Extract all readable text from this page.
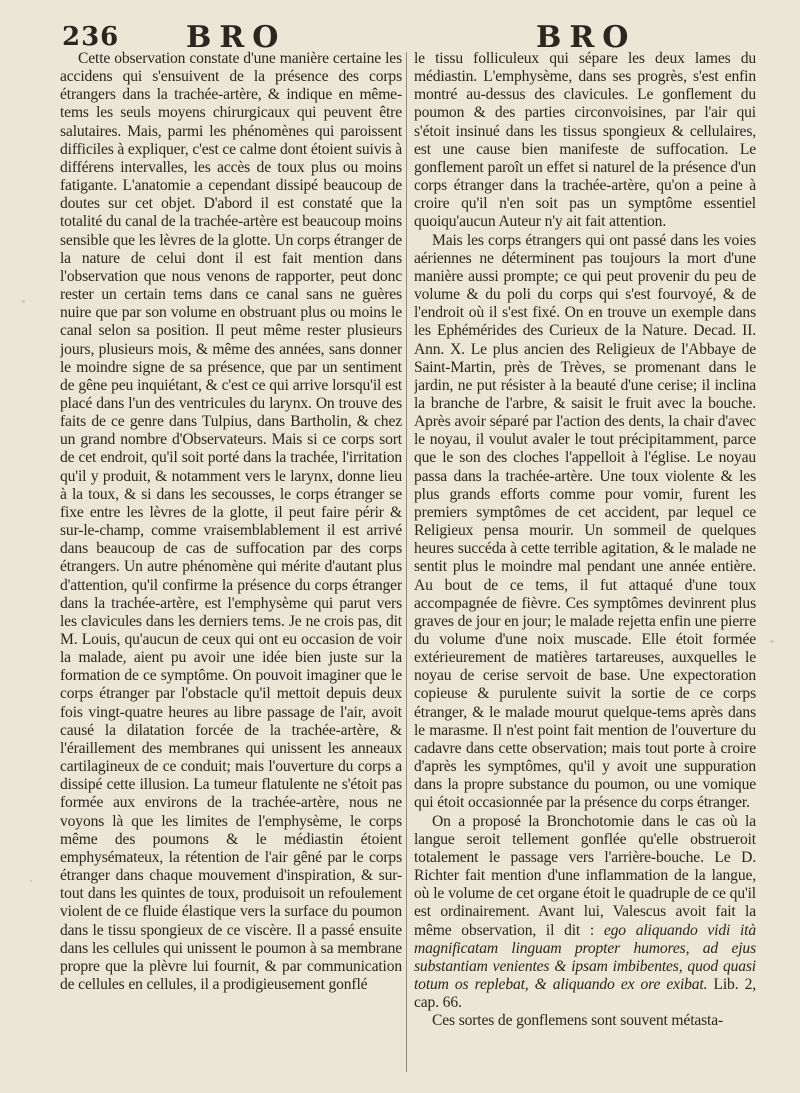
236 BRO	BRO

Cette observation constate d'une manière certaine les accidens qui s'ensuivent de la présence des corps étrangers dans la trachée-artère, & indique en même-tems les seuls moyens chirurgicaux qui peuvent être salutaires. Mais, parmi les phénomènes qui paroissent difficiles à expliquer, c'est ce calme dont étoient suivis à différens intervalles, les accès de toux plus ou moins fatigante. L'anatomie a cependant dissipé beaucoup de doutes sur cet objet. D'abord il est constaté que la totalité du canal de la trachée-artère est beaucoup moins sensible que les lèvres de la glotte. Un corps étranger de la nature de celui dont il est fait mention dans l'observation que nous venons de rapporter, peut donc rester un certain tems dans ce canal sans ne guères nuire que par son volume en obstruant plus ou moins le canal selon sa position. Il peut même rester plusieurs jours, plusieurs mois, & même des années, sans donner le moindre signe de sa présence, que par un sentiment de gêne peu inquiétant, & c'est ce qui arrive lorsqu'il est placé dans l'un des ventricules du larynx. On trouve des faits de ce genre dans Tulpius, dans Bartholin, & chez un grand nombre d'Observateurs. Mais si ce corps sort de cet endroit, qu'il soit porté dans la trachée, l'irritation qu'il y produit, & notamment vers le larynx, donne lieu à la toux, & si dans les secousses, le corps étranger se fixe entre les lèvres de la glotte, il peut faire périr & sur-le-champ, comme vraisemblablement il est arrivé dans beaucoup de cas de suffocation par des corps étrangers. Un autre phénomène qui mérite d'autant plus d'attention, qu'il confirme la présence du corps étranger dans la trachée-artère, est l'emphysème qui parut vers les clavicules dans les derniers tems. Je ne crois pas, dit M. Louis, qu'aucun de ceux qui ont eu occasion de voir la malade, aient pu avoir une idée bien juste sur la formation de ce symptôme. On pouvoit imaginer que le corps étranger par l'obstacle qu'il mettoit depuis deux fois vingt-quatre heures au libre passage de l'air, avoit causé la dilatation forcée de la trachée-artère, & l'éraillement des membranes qui unissent les anneaux cartilagineux de ce conduit; mais l'ouverture du corps a dissipé cette illusion. La tumeur flatulente ne s'étoit pas formée aux environs de la trachée-artère, nous ne voyons là que les limites de l'emphysème, le corps même des poumons & le médiastin étoient emphysémateux, la rétention de l'air gêné par le corps étranger dans chaque mouvement d'inspiration, & sur-tout dans les quintes de toux, produisoit un refoulement violent de ce fluide élastique vers la surface du poumon dans le tissu spongieux de ce viscère. Il a passé ensuite dans les cellules qui unissent le poumon à sa membrane propre que la plèvre lui fournit, & par communication de cellules en cellules, il a prodigieusement gonflé

le tissu folliculeux qui sépare les deux lames du médiastin. L'emphysème, dans ses progrès, s'est enfin montré au-dessus des clavicules. Le gonflement du poumon & des parties circonvoisines, par l'air qui s'étoit insinué dans les tissus spongieux & cellulaires, est une cause bien manifeste de suffocation. Le gonflement paroît un effet si naturel de la présence d'un corps étranger dans la trachée-artère, qu'on a peine à croire qu'il n'en soit pas un symptôme essentiel quoiqu'aucun Auteur n'y ait fait attention.

Mais les corps étrangers qui ont passé dans les voies aériennes ne déterminent pas toujours la mort d'une manière aussi prompte; ce qui peut provenir du peu de volume & du poli du corps qui s'est fourvoyé, & de l'endroit où il s'est fixé. On en trouve un exemple dans les Ephémérides des Curieux de la Nature. Decad. II. Ann. X. Le plus ancien des Religieux de l'Abbaye de Saint-Martin, près de Trèves, se promenant dans le jardin, ne put résister à la beauté d'une cerise; il inclina la branche de l'arbre, & saisit le fruit avec la bouche. Après avoir séparé par l'action des dents, la chair d'avec le noyau, il voulut avaler le tout précipitamment, parce que le son des cloches l'appelloit à l'église. Le noyau passa dans la trachée-artère. Une toux violente & les plus grands efforts comme pour vomir, furent les premiers symptômes de cet accident, par lequel ce Religieux pensa mourir. Un sommeil de quelques heures succéda à cette terrible agitation, & le malade ne sentit plus le moindre mal pendant une année entière. Au bout de ce tems, il fut attaqué d'une toux accompagnée de fièvre. Ces symptômes devinrent plus graves de jour en jour; le malade rejetta enfin une pierre du volume d'une noix muscade. Elle étoit formée extérieurement de matières tartareuses, auxquelles le noyau de cerise servoit de base. Une expectoration copieuse & purulente suivit la sortie de ce corps étranger, & le malade mourut quelque-tems après dans le marasme. Il n'est point fait mention de l'ouverture du cadavre dans cette observation; mais tout porte à croire d'après les symptômes, qu'il y avoit une suppuration dans la propre substance du poumon, ou une vomique qui étoit occasionnée par la présence du corps étranger.

On a proposé la Bronchotomie dans le cas où la langue seroit tellement gonflée qu'elle obstrueroit totalement le passage vers l'arrière-bouche. Le D. Richter fait mention d'une inflammation de la langue, où le volume de cet organe étoit le quadruple de ce qu'il est ordinairement. Avant lui, Valescus avoit fait la même observation, il dit : ego aliquando vidi ità magnificatam linguam propter humores, ad ejus substantiam venientes & ipsam imbibentes, quod quasi totum os replebat, & aliquando ex ore exibat. Lib. 2, cap. 66.

Ces sortes de gonflemens sont souvent métasta-
